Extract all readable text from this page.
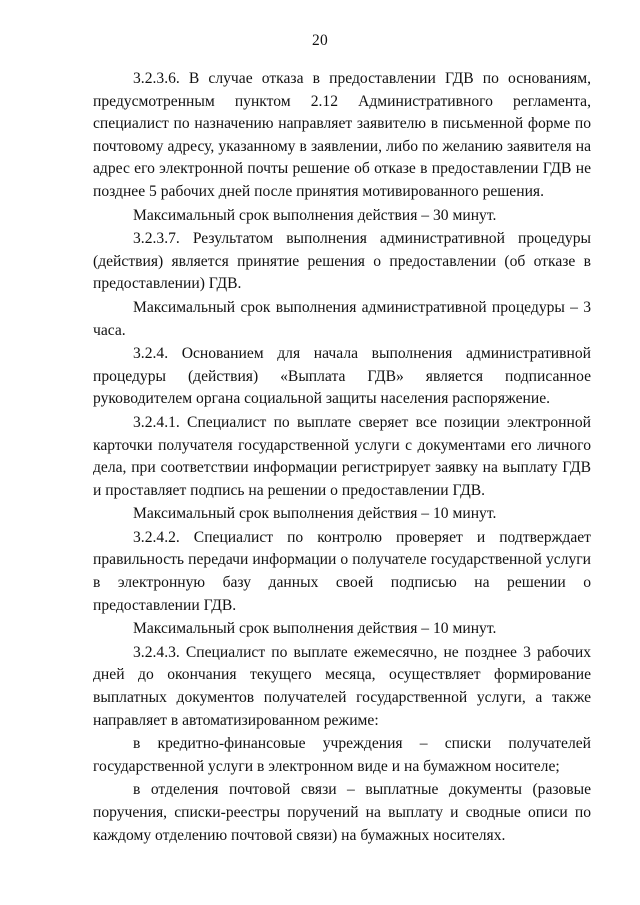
20

3.2.3.6. В случае отказа в предоставлении ГДВ по основаниям, предусмотренным пунктом 2.12 Административного регламента, специалист по назначению направляет заявителю в письменной форме по почтовому адресу, указанному в заявлении, либо по желанию заявителя на адрес его электронной почты решение об отказе в предоставлении ГДВ не позднее 5 рабочих дней после принятия мотивированного решения.

Максимальный срок выполнения действия – 30 минут.

3.2.3.7. Результатом выполнения административной процедуры (действия) является принятие решения о предоставлении (об отказе в предоставлении) ГДВ.

Максимальный срок выполнения административной процедуры – 3 часа.

3.2.4. Основанием для начала выполнения административной процедуры (действия) «Выплата ГДВ» является подписанное руководителем органа социальной защиты населения распоряжение.

3.2.4.1. Специалист по выплате сверяет все позиции электронной карточки получателя государственной услуги с документами его личного дела, при соответствии информации регистрирует заявку на выплату ГДВ и проставляет подпись на решении о предоставлении ГДВ.

Максимальный срок выполнения действия – 10 минут.

3.2.4.2. Специалист по контролю проверяет и подтверждает правильность передачи информации о получателе государственной услуги в электронную базу данных своей подписью на решении о предоставлении ГДВ.

Максимальный срок выполнения действия – 10 минут.

3.2.4.3. Специалист по выплате ежемесячно, не позднее 3 рабочих дней до окончания текущего месяца, осуществляет формирование выплатных документов получателей государственной услуги, а также направляет в автоматизированном режиме:

в кредитно-финансовые учреждения – списки получателей государственной услуги в электронном виде и на бумажном носителе;

в отделения почтовой связи – выплатные документы (разовые поручения, списки-реестры поручений на выплату и сводные описи по каждому отделению почтовой связи) на бумажных носителях.
